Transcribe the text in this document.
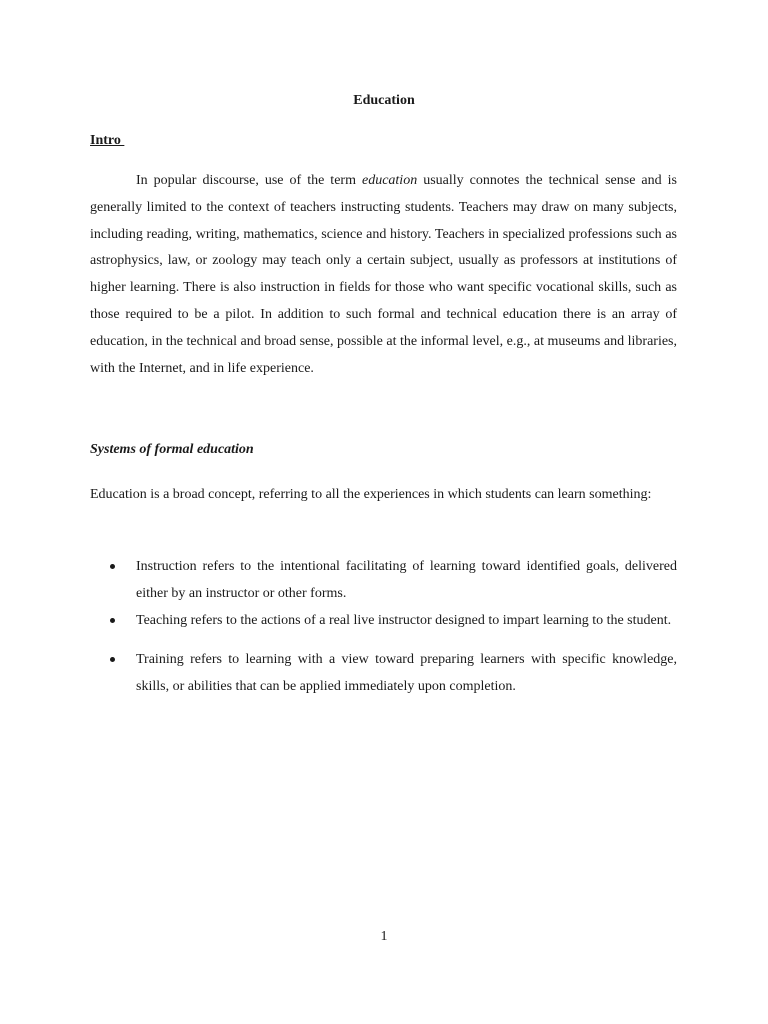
Education
Intro

In popular discourse, use of the term education usually connotes the technical sense and is generally limited to the context of teachers instructing students. Teachers may draw on many subjects, including reading, writing, mathematics, science and history. Teachers in specialized professions such as astrophysics, law, or zoology may teach only a certain subject, usually as professors at institutions of higher learning. There is also instruction in fields for those who want specific vocational skills, such as those required to be a pilot. In addition to such formal and technical education there is an array of education, in the technical and broad sense, possible at the informal level, e.g., at museums and libraries, with the Internet, and in life experience.

Systems of formal education

Education is a broad concept, referring to all the experiences in which students can learn something:

Instruction refers to the intentional facilitating of learning toward identified goals, delivered either by an instructor or other forms.
Teaching refers to the actions of a real live instructor designed to impart learning to the student.
Training refers to learning with a view toward preparing learners with specific knowledge, skills, or abilities that can be applied immediately upon completion.
1
